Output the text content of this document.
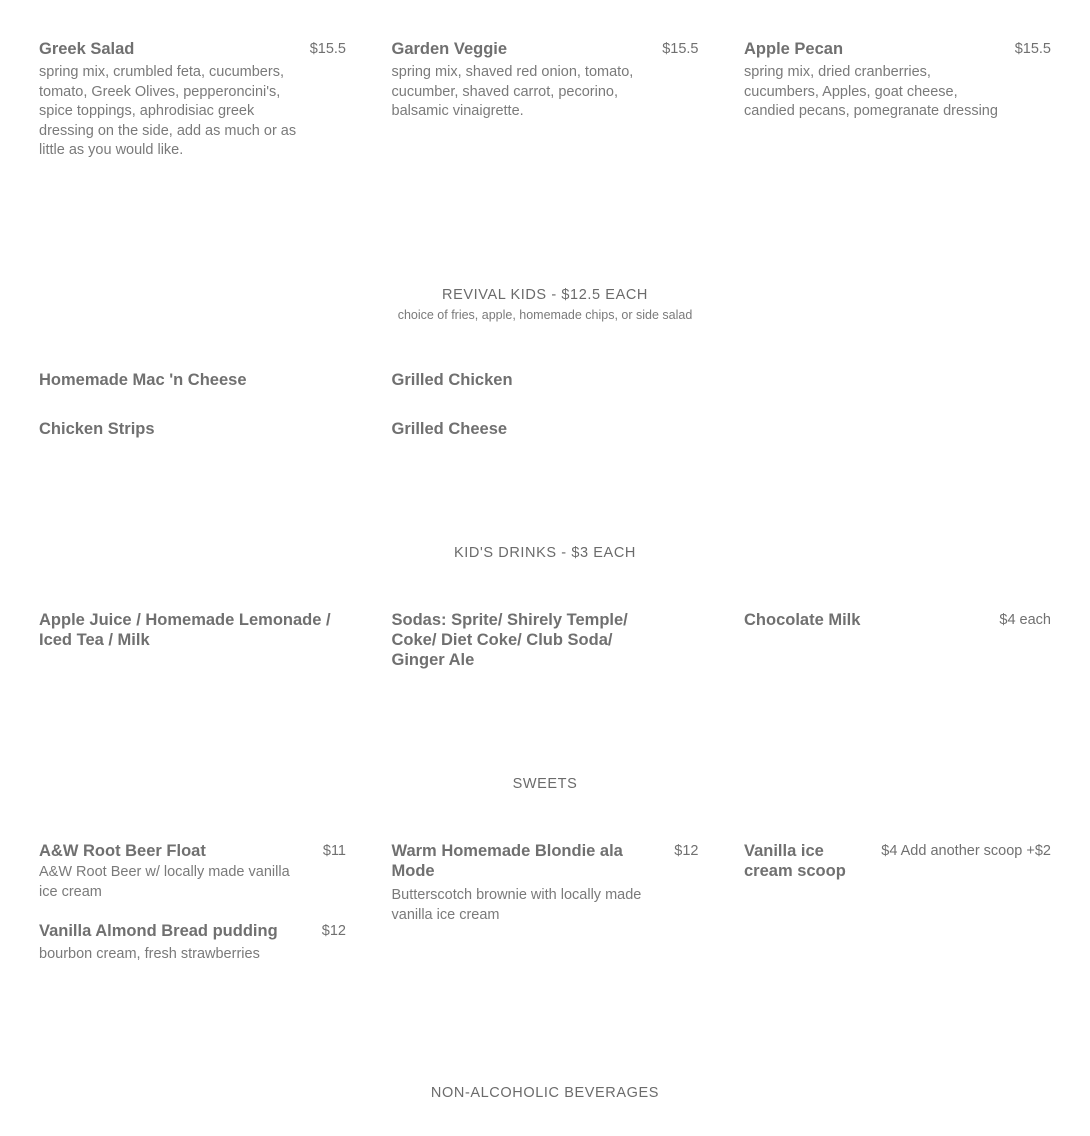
Greek Salad	$15.5
spring mix, crumbled feta, cucumbers, tomato, Greek Olives, pepperoncini's, spice toppings, aphrodisiac greek dressing on the side, add as much or as little as you would like.
Garden Veggie	$15.5
spring mix, shaved red onion, tomato, cucumber, shaved carrot, pecorino, balsamic vinaigrette.
Apple Pecan	$15.5
spring mix, dried cranberries, cucumbers, Apples, goat cheese, candied pecans, pomegranate dressing
REVIVAL KIDS - $12.5 EACH
choice of fries, apple, homemade chips, or side salad
Homemade Mac 'n Cheese	Grilled Chicken
Chicken Strips	Grilled Cheese
KID'S DRINKS - $3 EACH
Apple Juice / Homemade Lemonade / Iced Tea / Milk
Sodas: Sprite/ Shirely Temple/ Coke/ Diet Coke/ Club Soda/ Ginger Ale
Chocolate Milk	$4 each
SWEETS
A&W Root Beer Float	$11
A&W Root Beer w/ locally made vanilla ice cream
Vanilla Almond Bread pudding	$12
bourbon cream, fresh strawberries
Warm Homemade Blondie ala Mode
$12
Butterscotch brownie with locally made vanilla ice cream
Vanilla ice cream scoop
$4 Add another scoop +$2
NON-ALCOHOLIC BEVERAGES
